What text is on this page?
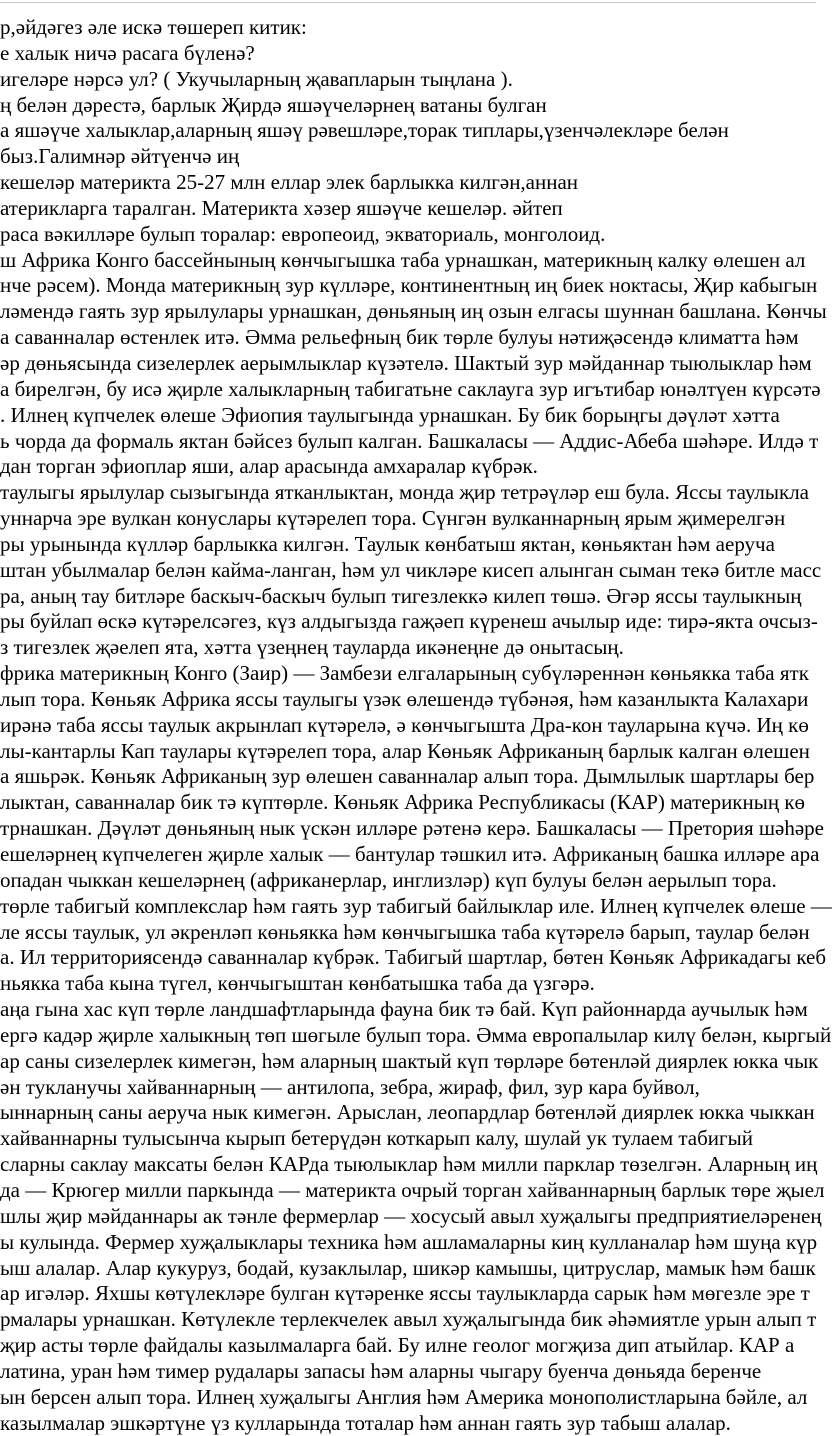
р,әйдәгез әле искә төшереп китик:
е халык ничә расага бүленә?
игеләре нәрсә ул? ( Укучыларның җавапларын тыңлана ).
ң белән дәрестә, барлык Җирдә яшәүчеләрнең ватаны булган
а яшәүче халыклар,аларның яшәү рәвешләре,торак типлары,үзенчәлекләре белән
быз.Галимнәр әйтүенчә иң
кешеләр материкта 25-27 млн еллар элек барлыкка килгән,аннан
атерикларга таралган. Материкта хәзер яшәүче кешеләр. әйтеп
раса вәкилләре булып торалар: европеоид, экваториаль, монголоид.
ш Африка Конго бассейнының көнчыгышка таба урнашкан, материкның калку өлешен ал
нче рәсем). Монда материкның зур күлләре, континентның иң биек ноктасы, Җир кабыгын
ләмендә гаять зур ярылулары урнашкан, дөньяның иң озын елгасы шуннан башлана. Көнчы
а саванналар өстенлек итә. Әмма рельефның бик төрле булуы нәтиҗәсендә климатта һәм
әр дөньясында сизелерлек аерымлыклар күзәтелә. Шактый зур мәйданнар тыюлыклар һәм
а бирелгән, бу исә җирле халыкларның табигатьне саклауга зур игътибар юнәлтүен күрсәтә
. Илнең күпчелек өлеше Эфиопия таулыгында урнашкан. Бу бик борыңгы дәүләт хәтта
ь чорда да формаль яктан бәйсез булып калган. Башкаласы — Аддис-Абеба шәһәре. Илдә т
дан торган эфиоплар яши, алар арасында амхаралар күбрәк.
таулыгы ярылулар сызыгында ятканлыктан, монда җир тетрәүләр еш була. Яссы таулыкла
уннарча эре вулкан конуслары күтәрелеп тора. Сүнгән вулканнарның ярым җимерелгән
ры урынында күлләр барлыкка килгән. Таулык көнбатыш яктан, көньяктан һәм аеруча
штан убылмалар белән кайма-ланган, һәм ул чикләре кисеп алынган сыман текә битле масс
ра, аның тау битләре баскыч-баскыч булып тигезлеккә килеп төшә. Әгәр яссы таулыкның
ры буйлап өскә күтәрелсәгез, күз алдыгызда гаҗәеп күренеш ачылыр иде: тирә-якта очсыз-
з тигезлек җәелеп ята, хәтта үзеңнең тауларда икәнеңне дә онытасың.
фрика материкның Конго (Заир) — Замбези елгаларының субүләреннән көньякка таба ятк
лып тора. Көньяк Африка яссы таулыгы үзәк өлешендә түбәнәя, һәм казанлыкта Калахари
ирәнә таба яссы таулык акрынлап күтәрелә, ә көнчыгышта Дра-кон тауларына күчә. Иң кө
лы-кантарлы Кап таулары күтәрелеп тора, алар Көньяк Африканың барлык калган өлешен
а яшьрәк. Көньяк Африканың зур өлешен саванналар алып тора. Дымлылык шартлары бер
лыктан, саванналар бик тә күптөрле. Көньяк Африка Республикасы (КАР) материкның кө
трнашкан. Дәүләт дөньяның нык үскән илләре рәтенә керә. Башкаласы — Претория шәһәре
ешеләрнең күпчелеген җирле халык — бантулар тәшкил итә. Африканың башка илләре ара
опадан чыккан кешеләрнең (африканерлар, инглизләр) күп булуы белән аерылып тора.
төрле табигый комплекслар һәм гаять зур табигый байлыклар иле. Илнең күпчелек өлеше —
ле яссы таулык, ул әкренләп көньякка һәм көнчыгышка таба күтәрелә барып, таулар белән
а. Ил территориясендә саванналар күбрәк. Табигый шартлар, бөтен Көньяк Африкадагы кеб
ньякка таба кына түгел, көнчыгыштан көнбатышка таба да үзгәрә.
аңа гына хас күп төрле ландшафтларында фауна бик тә бай. Күп районнарда аучылык һәм
ергә кадәр җирле халыкның төп шөгыле булып тора. Әмма европалылар килү белән, кыргый
ар саны сизелерлек кимегән, һәм аларның шактый күп төрләре бөтенләй диярлек юкка чык
ән тукланучы хайваннарның — антилопа, зебра, жираф, фил, зур кара буйвол,
ыннарның саны аеруча нык кимегән. Арыслан, леопардлар бөтенләй диярлек юкка чыккан
хайваннарны тулысынча кырып бетерүдән коткарып калу, шулай ук тулаем табигый
сларны саклау максаты белән КАРда тыюлыклар һәм милли парклар төзелгән. Аларның иң
да — Крюгер милли паркында — материкта очрый торган хайваннарның барлык төре җыел
шлы җир мәйданнары ак тәнле фермерлар — хосусый авыл хуҗалыгы предприятиеләренең
ы кулында. Фермер хуҗалыклары техника һәм ашламаларны киң кулланалар һәм шуңа күр
ыш алалар. Алар кукуруз, бодай, кузаклылар, шикәр камышы, цитруслар, мамык һәм башк
ар игәләр. Яхшы көтүлекләре булган күтәренке яссы таулыкларда сарык һәм мөгезле эре т
рмалары урнашкан. Көтүлекле терлекчелек авыл хуҗалыгында бик әһәмиятле урын алып т
җир асты төрле файдалы казылмаларга бай. Бу илне геолог могҗиза дип атыйлар. КАР а
латина, уран һәм тимер рудалары запасы һәм аларны чыгару буенча дөньяда беренче
ын берсен алып тора. Илнең хуҗалыгы Англия һәм Америка монополистларына бәйле, ал
казылмалар эшкәртүне үз кулларында тоталар һәм аннан гаять зур табыш алалар.
